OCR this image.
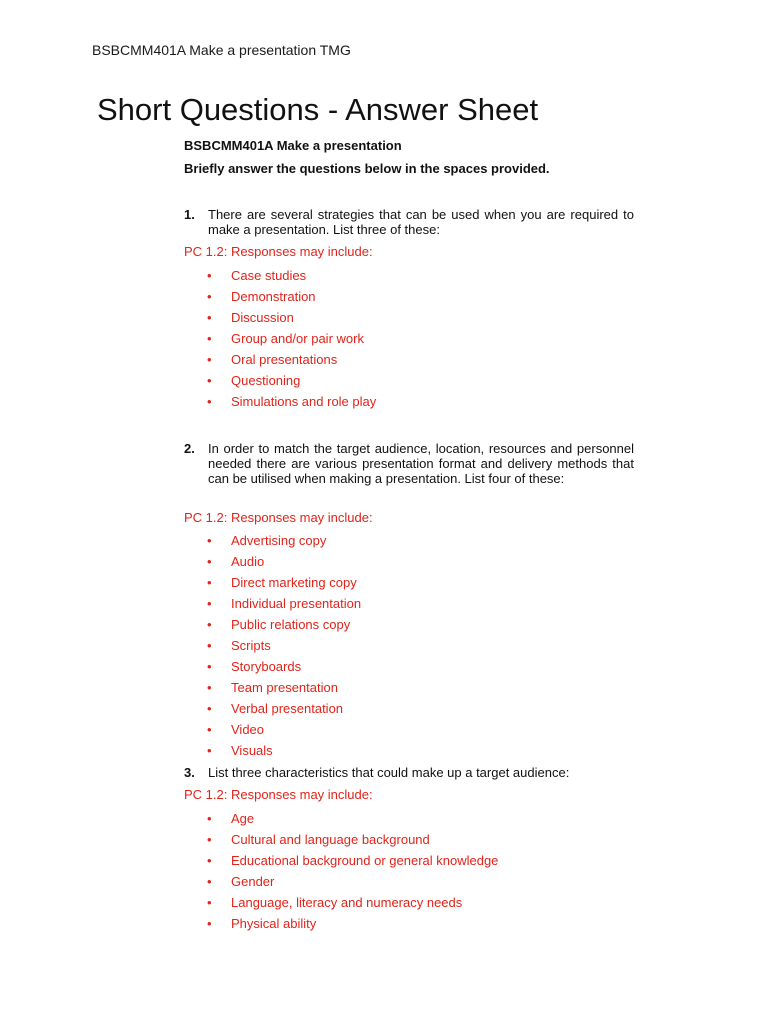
BSBCMM401A Make a presentation TMG
Short Questions - Answer Sheet
BSBCMM401A Make a presentation
Briefly answer the questions below in the spaces provided.
1. There are several strategies that can be used when you are required to make a presentation. List three of these:
PC 1.2: Responses may include:
• Case studies
• Demonstration
• Discussion
• Group and/or pair work
• Oral presentations
• Questioning
• Simulations and role play
2. In order to match the target audience, location, resources and personnel needed there are various presentation format and delivery methods that can be utilised when making a presentation. List four of these:
PC 1.2: Responses may include:
• Advertising copy
• Audio
• Direct marketing copy
• Individual presentation
• Public relations copy
• Scripts
• Storyboards
• Team presentation
• Verbal presentation
• Video
• Visuals
3. List three characteristics that could make up a target audience:
PC 1.2: Responses may include:
• Age
• Cultural and language background
• Educational background or general knowledge
• Gender
• Language, literacy and numeracy needs
• Physical ability
